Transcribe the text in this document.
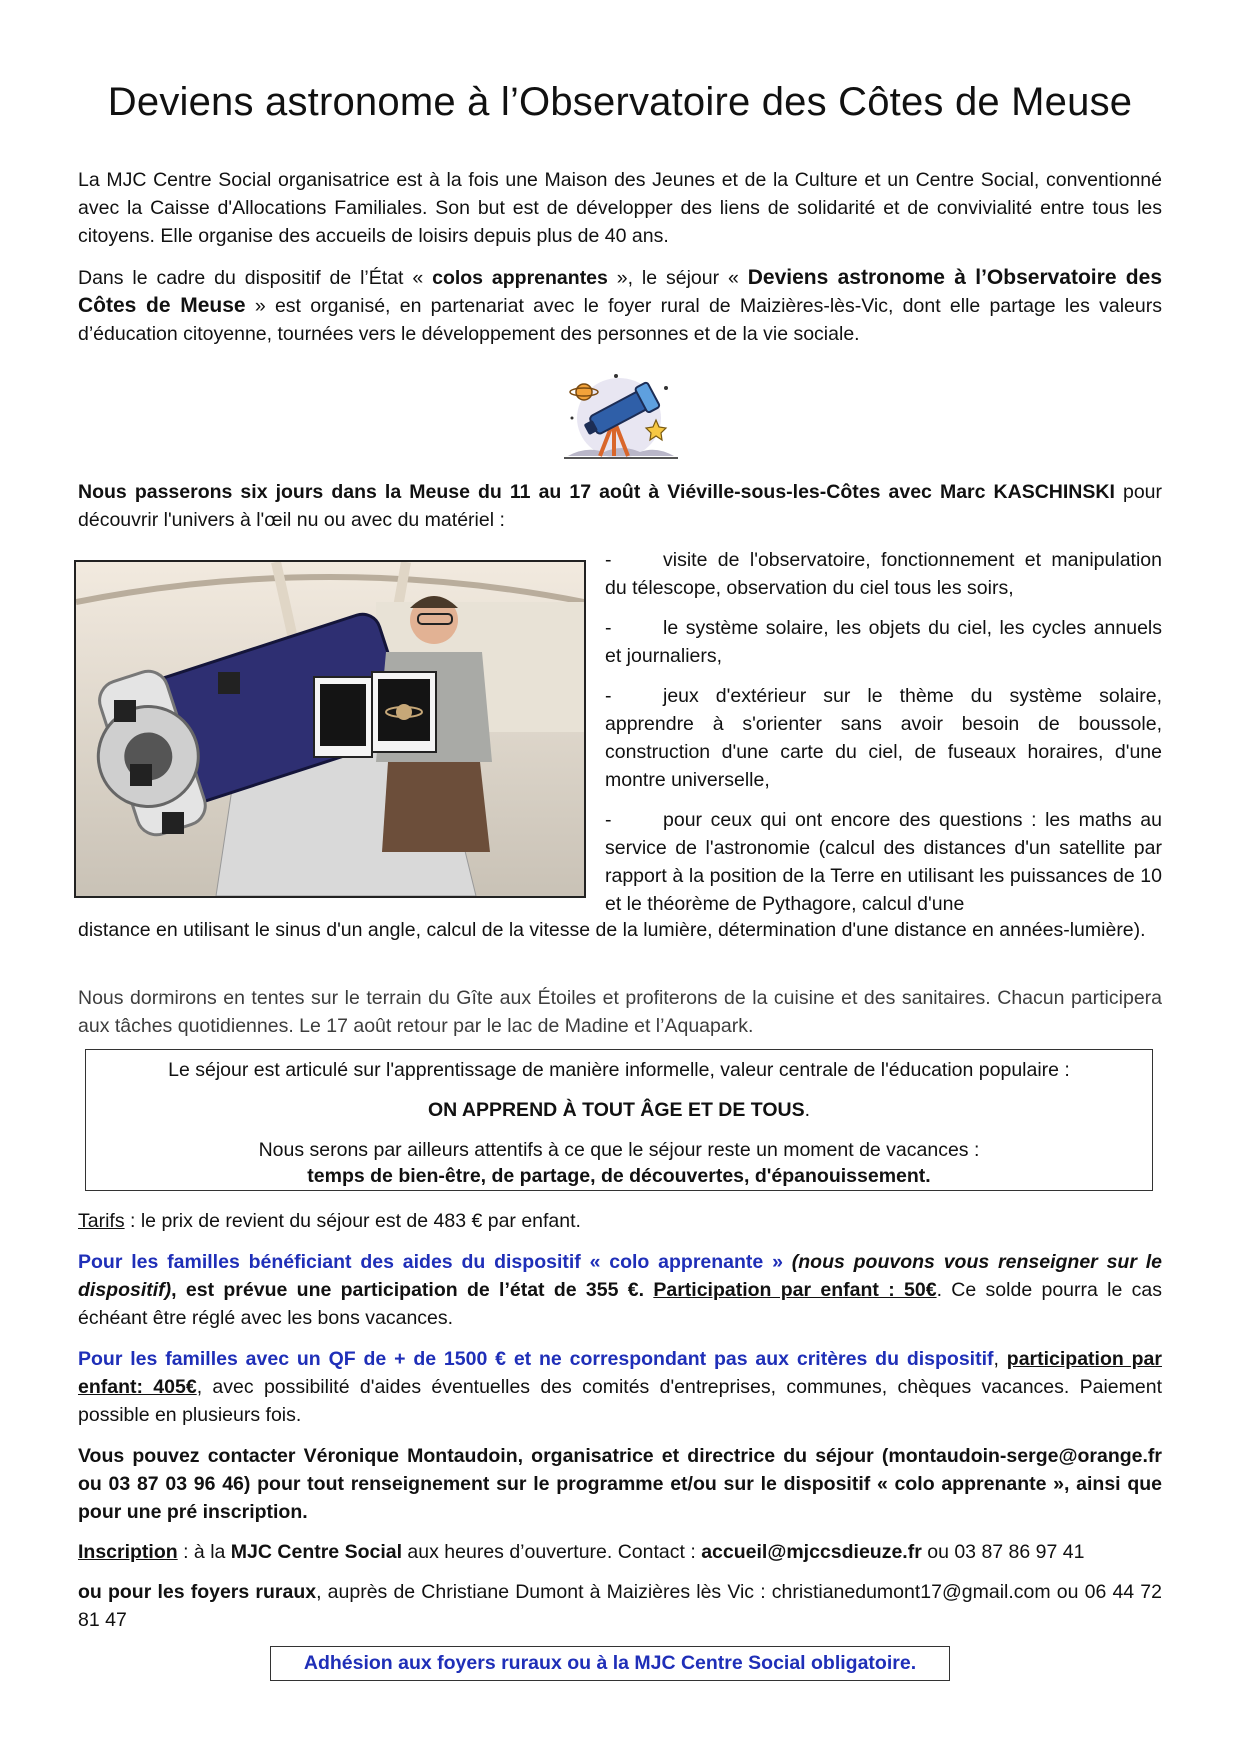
Deviens astronome à l’Observatoire des Côtes de Meuse

La MJC Centre Social organisatrice est à la fois une Maison des Jeunes et de la Culture et un Centre Social, conventionné avec la Caisse d'Allocations Familiales. Son but est de développer des liens de solidarité et de convivialité entre tous les citoyens. Elle organise des accueils de loisirs depuis plus de 40 ans.

Dans le cadre du dispositif de l’État « colos apprenantes », le séjour « Deviens astronome à l’Observatoire des Côtes de Meuse » est organisé, en partenariat avec le foyer rural de Maizières-lès-Vic, dont elle partage les valeurs d’éducation citoyenne, tournées vers le développement des personnes et de la vie sociale.

Nous passerons six jours dans la Meuse du 11 au 17 août à Viéville-sous-les-Côtes avec Marc KASCHINSKI pour découvrir l'univers à l'œil nu ou avec du matériel :

-	visite de l'observatoire, fonctionnement et manipulation du télescope, observation du ciel tous les soirs,
-	le système solaire, les objets du ciel, les cycles annuels et journaliers,
-	jeux d'extérieur sur le thème du système solaire, apprendre à s'orienter sans avoir besoin de boussole, construction d'une carte du ciel, de fuseaux horaires, d'une montre universelle,
-	pour ceux qui ont encore des questions : les maths au service de l'astronomie (calcul des distances d'un satellite par rapport à la position de la Terre en utilisant les puissances de 10 et le théorème de Pythagore, calcul d'une

distance en utilisant le sinus d'un angle, calcul de la vitesse de la lumière, détermination d'une distance en années-lumière).

Nous dormirons en tentes sur le terrain du Gîte aux Étoiles et profiterons de la cuisine et des sanitaires. Chacun participera aux tâches quotidiennes. Le 17 août retour par le lac de Madine et l’Aquapark.

Le séjour est articulé sur l'apprentissage de manière informelle, valeur centrale de l'éducation populaire :

ON APPREND À TOUT ÂGE ET DE TOUS.

Nous serons par ailleurs attentifs à ce que le séjour reste un moment de vacances :

temps de bien-être, de partage, de découvertes, d'épanouissement.

Tarifs : le prix de revient du séjour est de 483 € par enfant.

Pour les familles bénéficiant des aides du dispositif « colo apprenante » (nous pouvons vous renseigner sur le dispositif), est prévue une participation de l’état de 355 €. Participation par enfant : 50€. Ce solde pourra le cas échéant être réglé avec les bons vacances.

Pour les familles avec un QF de + de 1500 € et ne correspondant pas aux critères du dispositif, participation par enfant: 405€, avec possibilité d'aides éventuelles des comités d'entreprises, communes, chèques vacances. Paiement possible en plusieurs fois.

Vous pouvez contacter Véronique Montaudoin, organisatrice et directrice du séjour (montaudoin-serge@orange.fr ou 03 87 03 96 46) pour tout renseignement sur le programme et/ou sur le dispositif « colo apprenante », ainsi que pour une pré inscription.

Inscription : à la MJC Centre Social aux heures d’ouverture. Contact : accueil@mjccsdieuze.fr ou 03 87 86 97 41

ou pour les foyers ruraux, auprès de Christiane Dumont à Maizières lès Vic : christianedumont17@gmail.com ou 06 44 72 81 47

Adhésion aux foyers ruraux ou à la MJC Centre Social obligatoire.
